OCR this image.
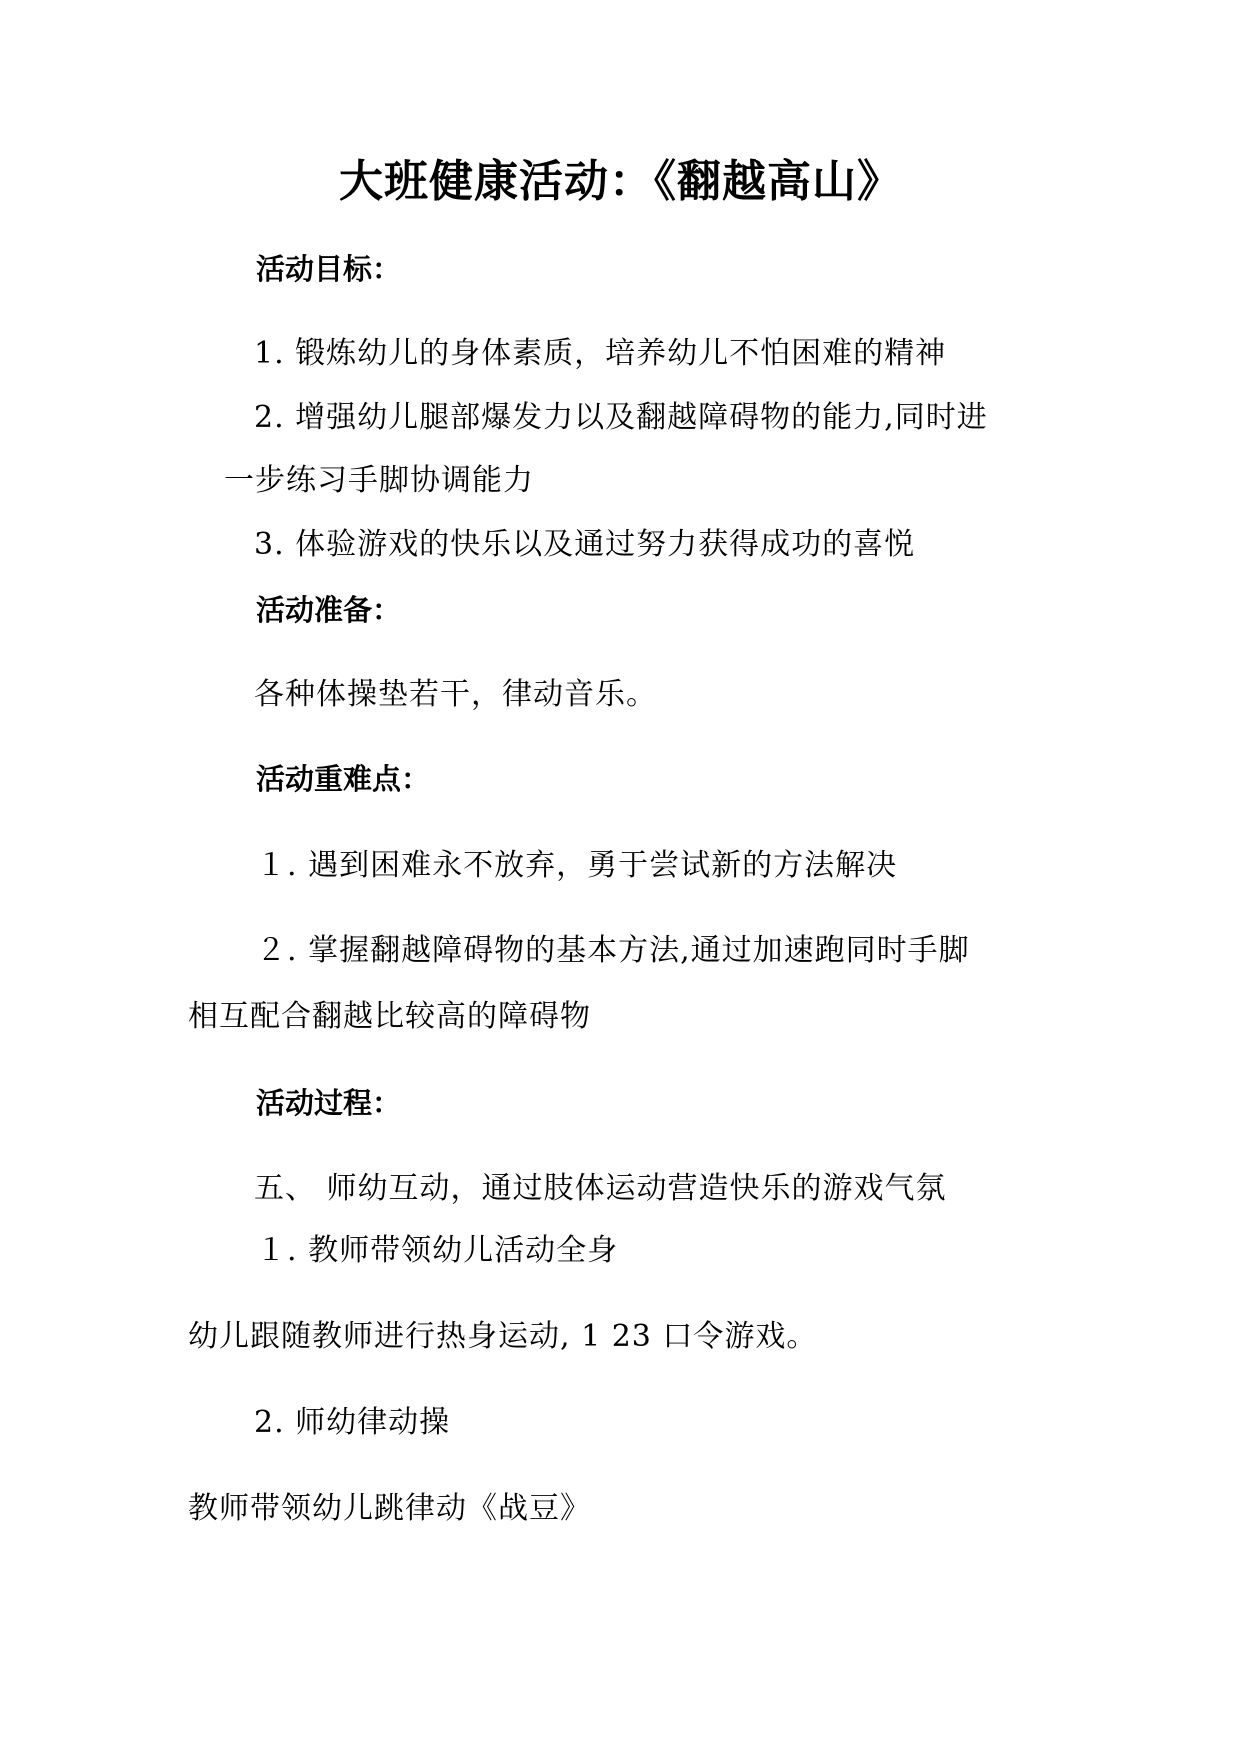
大班健康活动：《翻越高山》
活动目标：
1. 锻炼幼儿的身体素质，培养幼儿不怕困难的精神
2. 增强幼儿腿部爆发力以及翻越障碍物的能力,同时进
一步练习手脚协调能力
3. 体验游戏的快乐以及通过努力获得成功的喜悦
活动准备：
各种体操垫若干，律动音乐。
活动重难点：
１. 遇到困难永不放弃，勇于尝试新的方法解决
２. 掌握翻越障碍物的基本方法,通过加速跑同时手脚
相互配合翻越比较高的障碍物
活动过程：
五、 师幼互动，通过肢体运动营造快乐的游戏气氛
１. 教师带领幼儿活动全身
幼儿跟随教师进行热身运动, 1 23 口令游戏。
2. 师幼律动操
教师带领幼儿跳律动《战豆》
